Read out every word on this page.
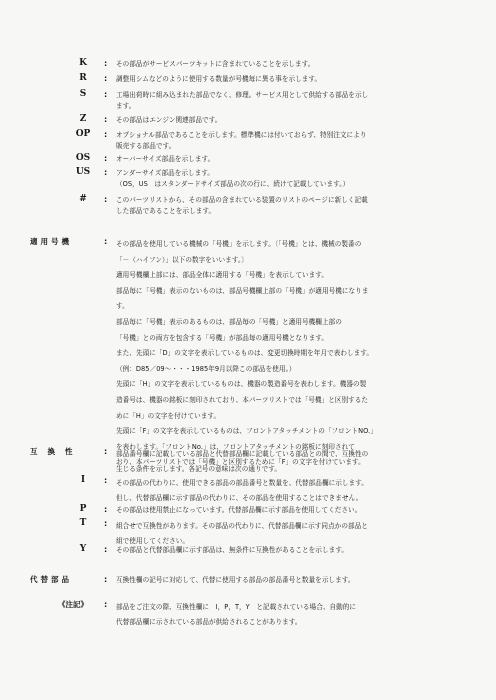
K	: その部品がサービスパーツキットに含まれていることを示します。
R	: 調整用シムなどのように使用する数量が号機毎に異る事を示します。
S	: 工場出荷時に組み込まれた部品でなく、修理。サービス用として供給する部品を示し
ます。
Z	: その部品はエンジン関連部品です。
OP	: オプショナル部品であることを示します。標準機には付いておらず、特別注文により
販売する部品です。
OS	: オーバーサイズ部品を示します。
US	: アンダーサイズ部品を示します。
（OS，US　はスタンダードサイズ部品の次の行に、続けて記載しています。）
#	: このパーツリストから、その部品の含まれている装置のリストのページに新しく記載
した部品であることを示します。
適用号機	: その部品を使用している機械の「号機」を示します。〔「号機」とは、機械の製番の
「－（ハイフン）」以下の数字をいいます。〕
適用号機欄上部には、部品全体に適用する「号機」を表示しています。
部品毎に「号機」表示のないものは、部品号機欄上部の「号機」が適用号機になりま
す。
部品毎に「号機」表示のあるものは、部品毎の「号機」と適用号機欄上部の
「号機」との両方を包含する「号機」が部品毎の適用号機となります。
また、先頭に「D」の文字を表示しているものは、変更切換時期を年月で表わします。
（例：D85／09～・・・1985年9月以降この部品を使用。）
先頭に「H」の文字を表示しているものは、機器の製造番号を表わします。機器の製
造番号は、機器の銘板に刻印されており、本パーツリストでは「号機」と区別するた
めに「H」の文字を付けています。
先頭に「F」の文字を表示しているものは、フロントアタッチメントの「フロントNO.」
を表わします。「フロントNo.」は、フロントアタッチメントの銘板に刻印されて
おり、本パーツリストでは「号機」と区別するために「F」の文字を付けています。
互換性	: 部品番号欄に記載している部品と代替部品欄に記載している部品との間で、互換性の
生じる条件を示します。各記号の意味は次の通りです。
I	: その部品の代わりに、使用できる部品の部品番号と数量を、代替部品欄に示します。
但し、代替部品欄に示す部品の代わりに、その部品を使用することはできません。
P	: その部品は使用禁止になっています。代替部品欄に示す部品を使用してください。
T	: 組合せで互換性があります。その部品の代わりに、代替部品欄に示す同点かの部品と
組で使用してください。
Y	: その部品と代替部品欄に示す部品は、無条件に互換性があることを示します。
代替部品	: 互換性欄の記号に対応して、代替に使用する部品の部品番号と数量を示します。
《注記》	: 部品をご注文の際、互換性欄に　I，P，T，Y　と記載されている場合、自動的に
代替部品欄に示されている部品が供給されることがあります。
